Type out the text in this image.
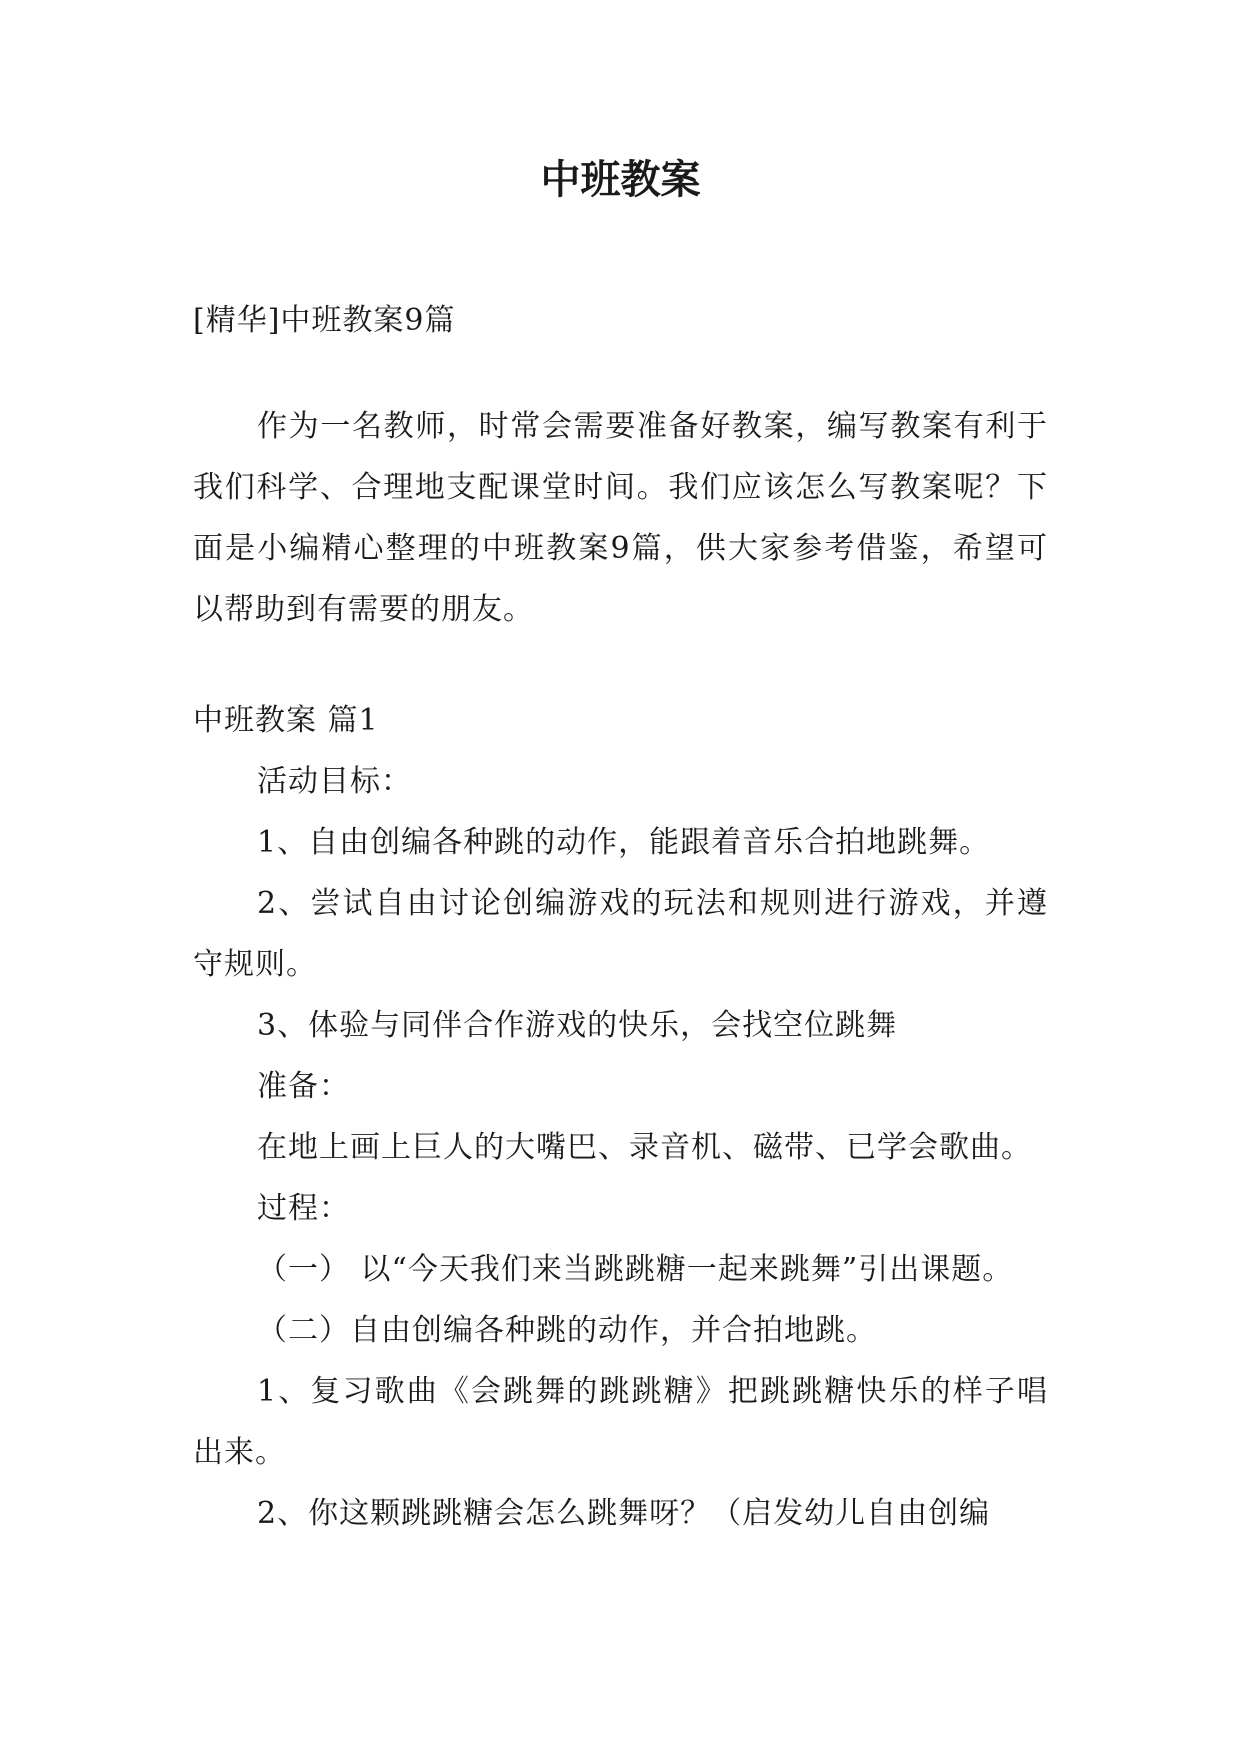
中班教案

[精华]中班教案9篇

作为一名教师，时常会需要准备好教案，编写教案有利于我们科学、合理地支配课堂时间。我们应该怎么写教案呢？下面是小编精心整理的中班教案9篇，供大家参考借鉴，希望可以帮助到有需要的朋友。

中班教案 篇1

活动目标：

1、自由创编各种跳的动作，能跟着音乐合拍地跳舞。

2、尝试自由讨论创编游戏的玩法和规则进行游戏，并遵守规则。

3、体验与同伴合作游戏的快乐，会找空位跳舞

准备：

在地上画上巨人的大嘴巴、录音机、磁带、已学会歌曲。

过程：

（一） 以“今天我们来当跳跳糖一起来跳舞”引出课题。

（二）自由创编各种跳的动作，并合拍地跳。

1、复习歌曲《会跳舞的跳跳糖》把跳跳糖快乐的样子唱出来。

2、你这颗跳跳糖会怎么跳舞呀？（启发幼儿自由创编
